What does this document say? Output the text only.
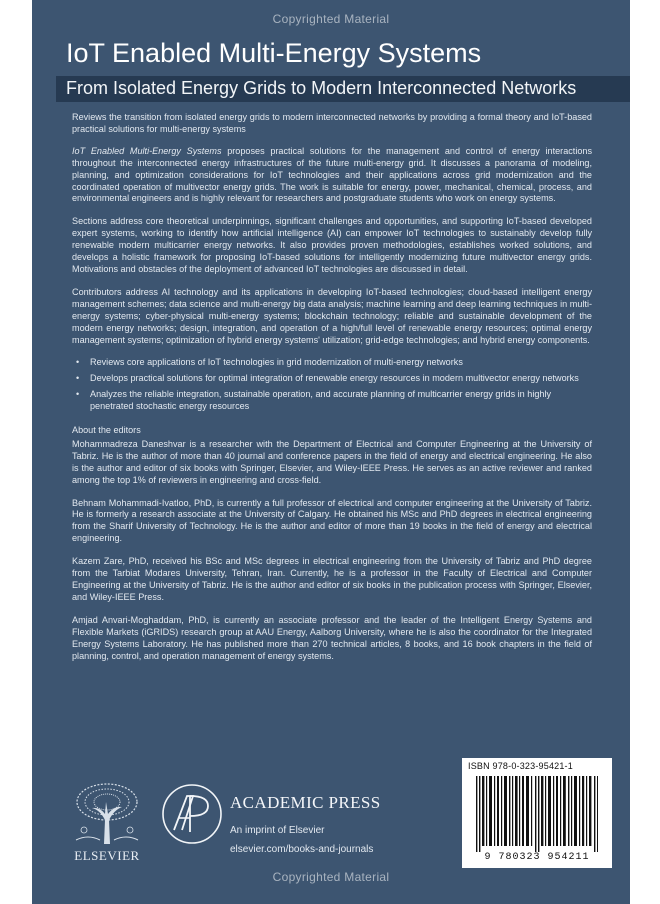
Copyrighted Material
IoT Enabled Multi-Energy Systems
From Isolated Energy Grids to Modern Interconnected Networks

Reviews the transition from isolated energy grids to modern interconnected networks by providing a formal theory and IoT-based practical solutions for multi-energy systems

IoT Enabled Multi-Energy Systems proposes practical solutions for the management and control of energy interactions throughout the interconnected energy infrastructures of the future multi-energy grid. It discusses a panorama of modeling, planning, and optimization considerations for IoT technologies and their applications across grid modernization and the coordinated operation of multivector energy grids. The work is suitable for energy, power, mechanical, chemical, process, and environmental engineers and is highly relevant for researchers and postgraduate students who work on energy systems.

Sections address core theoretical underpinnings, significant challenges and opportunities, and supporting IoT-based developed expert systems, working to identify how artificial intelligence (AI) can empower IoT technologies to sustainably develop fully renewable modern multicarrier energy networks. It also provides proven methodologies, establishes worked solutions, and develops a holistic framework for proposing IoT-based solutions for intelligently modernizing future multivector energy grids. Motivations and obstacles of the deployment of advanced IoT technologies are discussed in detail.

Contributors address AI technology and its applications in developing IoT-based technologies; cloud-based intelligent energy management schemes; data science and multi-energy big data analysis; machine learning and deep learning techniques in multi-energy systems; cyber-physical multi-energy systems; blockchain technology; reliable and sustainable development of the modern energy networks; design, integration, and operation of a high/full level of renewable energy resources; optimal energy management systems; optimization of hybrid energy systems' utilization; grid-edge technologies; and hybrid energy components.

• Reviews core applications of IoT technologies in grid modernization of multi-energy networks
• Develops practical solutions for optimal integration of renewable energy resources in modern multivector energy networks
• Analyzes the reliable integration, sustainable operation, and accurate planning of multicarrier energy grids in highly penetrated stochastic energy resources
About the editors

Mohammadreza Daneshvar is a researcher with the Department of Electrical and Computer Engineering at the University of Tabriz. He is the author of more than 40 journal and conference papers in the field of energy and electrical engineering. He also is the author and editor of six books with Springer, Elsevier, and Wiley-IEEE Press. He serves as an active reviewer and ranked among the top 1% of reviewers in engineering and cross-field.

Behnam Mohammadi-Ivatloo, PhD, is currently a full professor of electrical and computer engineering at the University of Tabriz. He is formerly a research associate at the University of Calgary. He obtained his MSc and PhD degrees in electrical engineering from the Sharif University of Technology. He is the author and editor of more than 19 books in the field of energy and electrical engineering.

Kazem Zare, PhD, received his BSc and MSc degrees in electrical engineering from the University of Tabriz and PhD degree from the Tarbiat Modares University, Tehran, Iran. Currently, he is a professor in the Faculty of Electrical and Computer Engineering at the University of Tabriz. He is the author and editor of six books in the publication process with Springer, Elsevier, and Wiley-IEEE Press.

Amjad Anvari-Moghaddam, PhD, is currently an associate professor and the leader of the Intelligent Energy Systems and Flexible Markets (iGRIDS) research group at AAU Energy, Aalborg University, where he is also the coordinator for the Integrated Energy Systems Laboratory. He has published more than 270 technical articles, 8 books, and 16 book chapters in the field of planning, control, and operation management of energy systems.

ELSEVIER
ACADEMIC PRESS
An imprint of Elsevier
elsevier.com/books-and-journals
ISBN 978-0-323-95421-1
9 780323 954211
Copyrighted Material
